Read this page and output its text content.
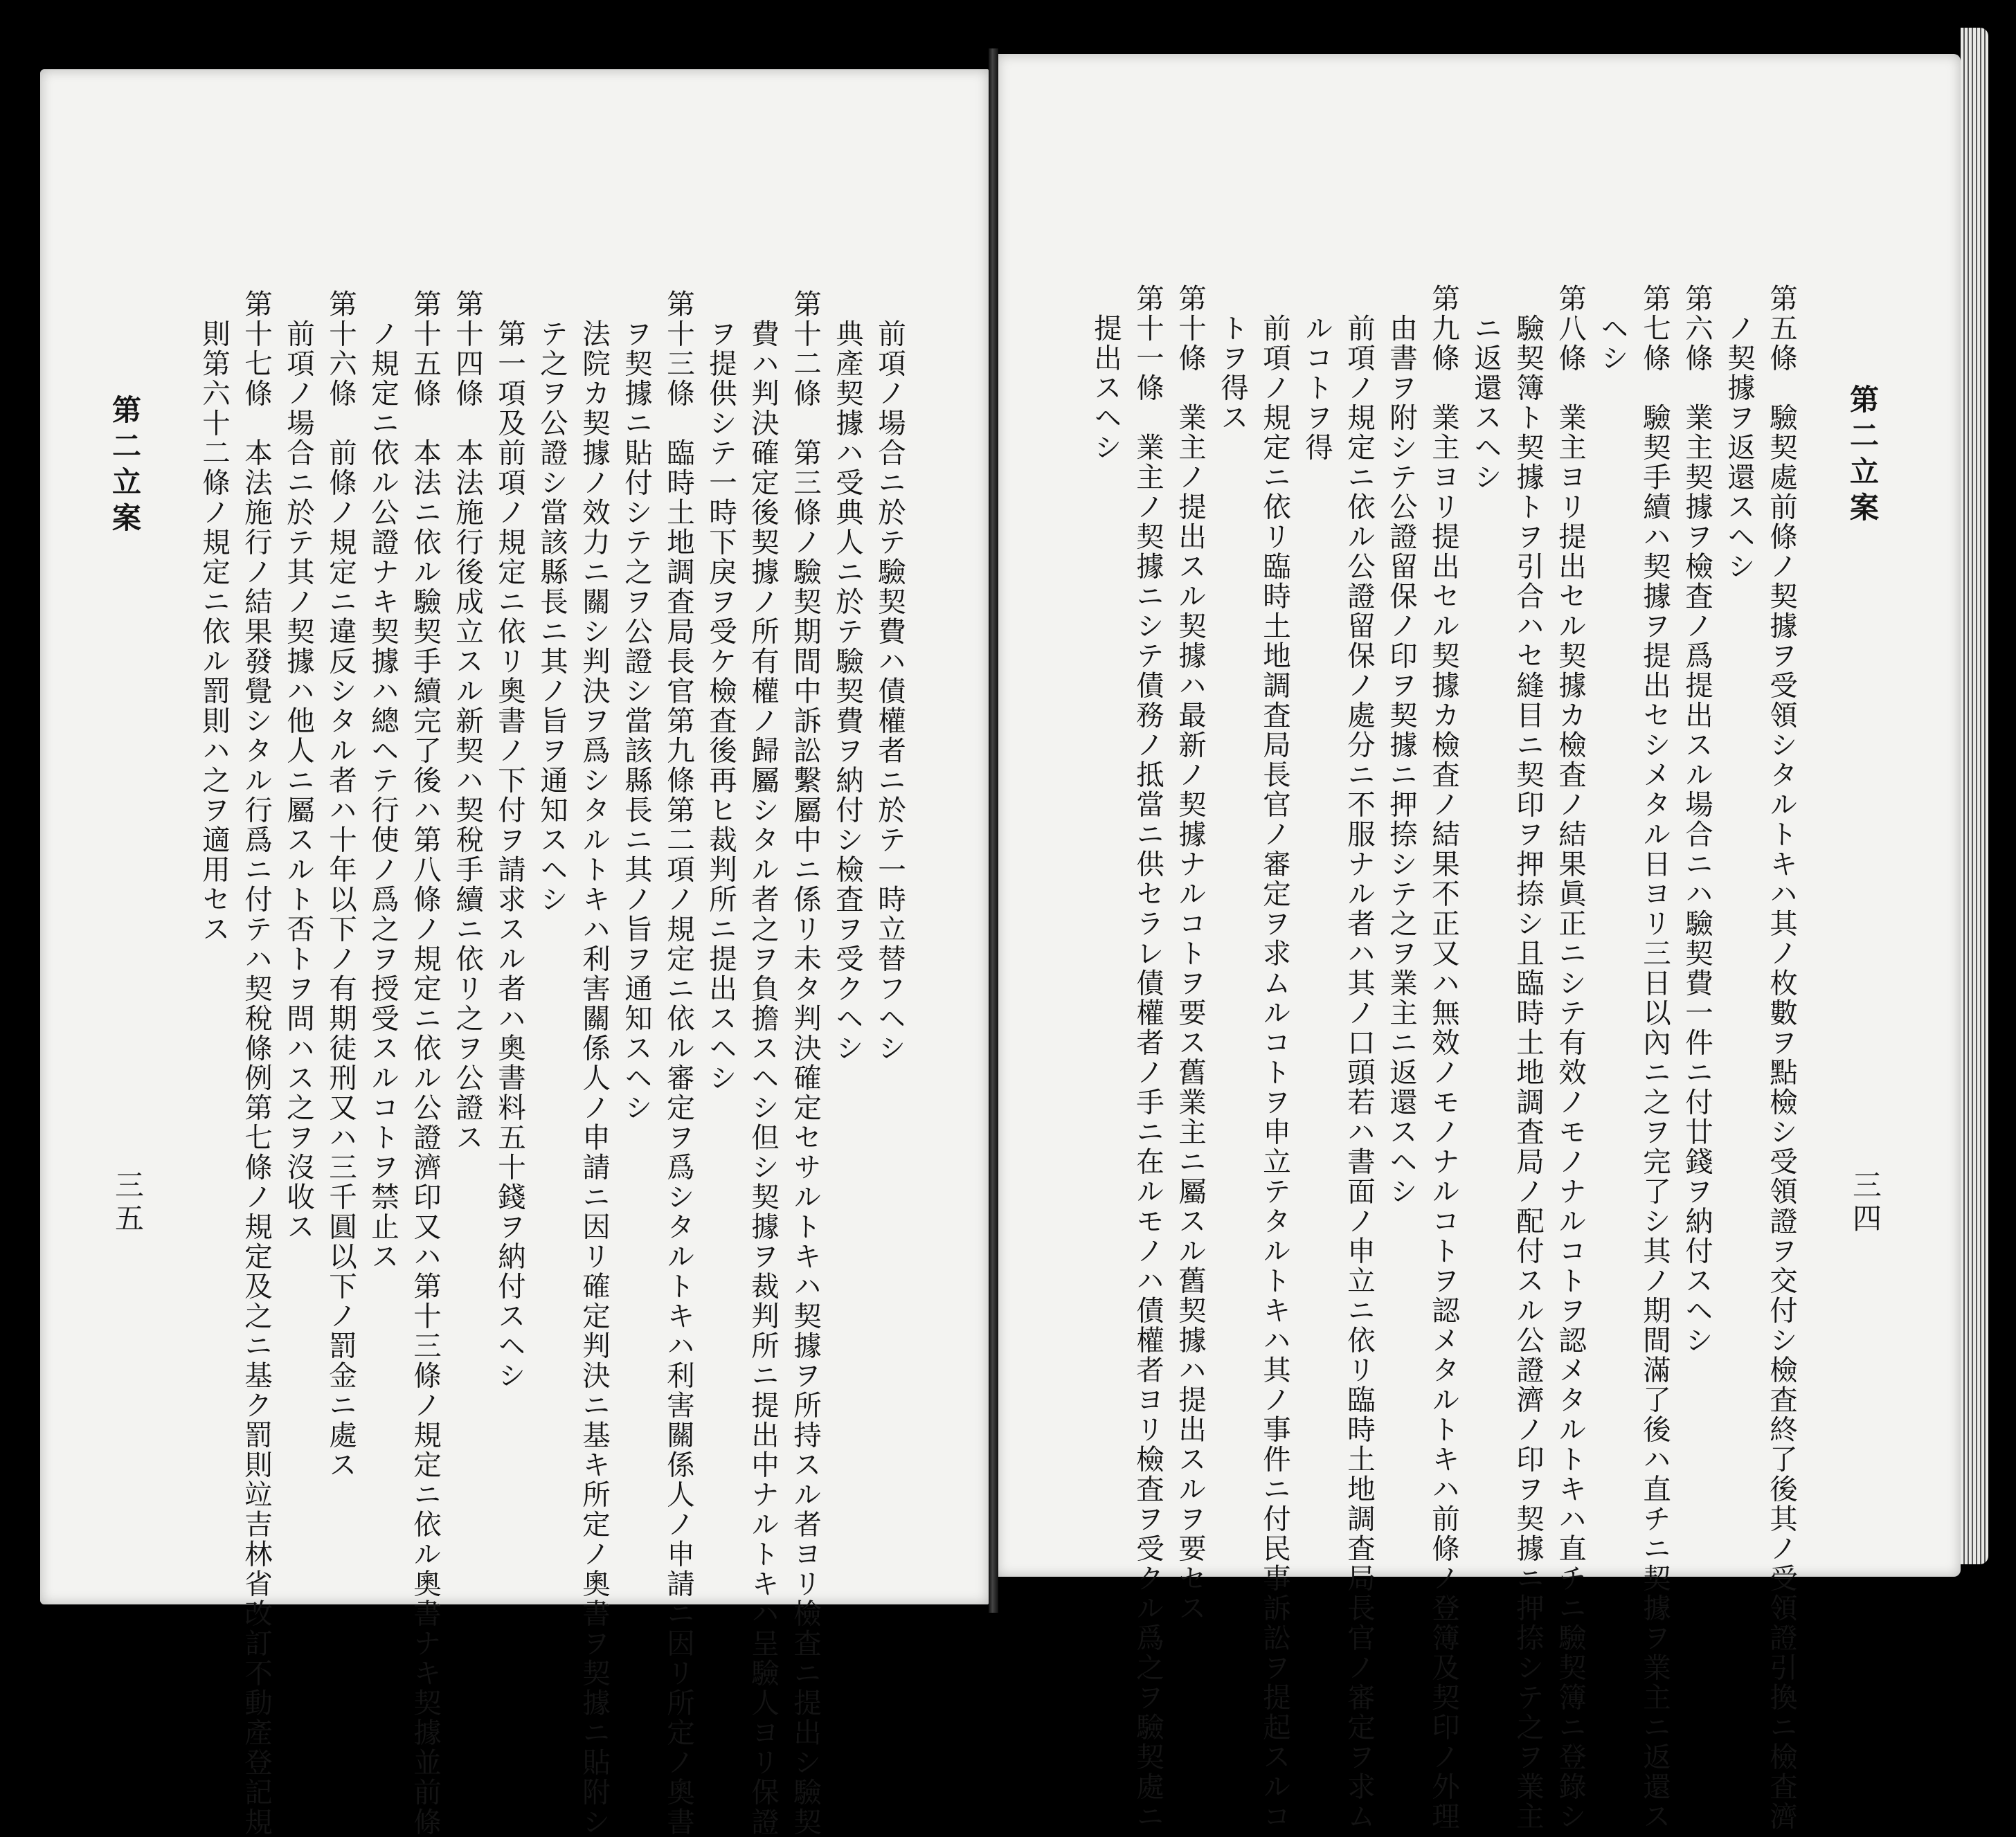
第二立案
三四
第五條　驗契處前條ノ契據ヲ受領シタルトキハ其ノ枚數ヲ點檢シ受領證ヲ交付シ檢査終了後其ノ受領證引換ニ檢査濟
　ノ契據ヲ返還スヘシ
第六條　業主契據ヲ檢査ノ爲提出スル場合ニハ驗契費一件ニ付廿錢ヲ納付スヘシ
第七條　驗契手續ハ契據ヲ提出セシメタル日ヨリ三日以內ニ之ヲ完了シ其ノ期間滿了後ハ直チニ契據ヲ業主ニ返還ス
　ヘシ
第八條　業主ヨリ提出セル契據カ檢査ノ結果眞正ニシテ有效ノモノナルコトヲ認メタルトキハ直チニ驗契簿ニ登錄シ
　驗契簿ト契據トヲ引合ハセ縫目ニ契印ヲ押捺シ且臨時土地調査局ノ配付スル公證濟ノ印ヲ契據ニ押捺シテ之ヲ業主
　ニ返還スヘシ
第九條　業主ヨリ提出セル契據カ檢査ノ結果不正又ハ無效ノモノナルコトヲ認メタルトキハ前條ノ登簿及契印ノ外理
　由書ヲ附シテ公證留保ノ印ヲ契據ニ押捺シテ之ヲ業主ニ返還スヘシ
　前項ノ規定ニ依ル公證留保ノ處分ニ不服ナル者ハ其ノ口頭若ハ書面ノ申立ニ依リ臨時土地調査局長官ノ審定ヲ求ム
　ルコトヲ得
　前項ノ規定ニ依リ臨時土地調査局長官ノ審定ヲ求ムルコトヲ申立テタルトキハ其ノ事件ニ付民事訴訟ヲ提起スルコ
　トヲ得ス
第十條　業主ノ提出スル契據ハ最新ノ契據ナルコトヲ要ス舊業主ニ屬スル舊契據ハ提出スルヲ要セス
第十一條　業主ノ契據ニシテ債務ノ抵當ニ供セラレ債權者ノ手ニ在ルモノハ債權者ヨリ檢査ヲ受クル爲之ヲ驗契處ニ
　提出スヘシ
第二立案
三五
　前項ノ場合ニ於テ驗契費ハ債權者ニ於テ一時立替フヘシ
　典產契據ハ受典人ニ於テ驗契費ヲ納付シ檢査ヲ受クヘシ
第十二條　第三條ノ驗契期間中訴訟繫屬中ニ係リ未タ判決確定セサルトキハ契據ヲ所持スル者ヨリ檢査ニ提出シ驗契
　費ハ判決確定後契據ノ所有權ノ歸屬シタル者之ヲ負擔スヘシ但シ契據ヲ裁判所ニ提出中ナルトキハ呈驗人ヨリ保證
　ヲ提供シテ一時下戾ヲ受ケ檢査後再ヒ裁判所ニ提出スヘシ
第十三條　臨時土地調査局長官第九條第二項ノ規定ニ依ル審定ヲ爲シタルトキハ利害關係人ノ申請ニ因リ所定ノ奧書
　ヲ契據ニ貼付シテ之ヲ公證シ當該縣長ニ其ノ旨ヲ通知スヘシ
　法院カ契據ノ效力ニ關シ判決ヲ爲シタルトキハ利害關係人ノ申請ニ因リ確定判決ニ基キ所定ノ奧書ヲ契據ニ貼附シ
　テ之ヲ公證シ當該縣長ニ其ノ旨ヲ通知スヘシ
　第一項及前項ノ規定ニ依リ奧書ノ下付ヲ請求スル者ハ奧書料五十錢ヲ納付スヘシ
第十四條　本法施行後成立スル新契ハ契稅手續ニ依リ之ヲ公證ス
第十五條　本法ニ依ル驗契手續完了後ハ第八條ノ規定ニ依ル公證濟印又ハ第十三條ノ規定ニ依ル奧書ナキ契據並前條
　ノ規定ニ依ル公證ナキ契據ハ總ヘテ行使ノ爲之ヲ授受スルコトヲ禁止ス
第十六條　前條ノ規定ニ違反シタル者ハ十年以下ノ有期徒刑又ハ三千圓以下ノ罰金ニ處ス
　前項ノ場合ニ於テ其ノ契據ハ他人ニ屬スルト否トヲ問ハス之ヲ沒收ス
第十七條　本法施行ノ結果發覺シタル行爲ニ付テハ契稅條例第七條ノ規定及之ニ基ク罰則竝吉林省改訂不動產登記規
　則第六十二條ノ規定ニ依ル罰則ハ之ヲ適用セス
